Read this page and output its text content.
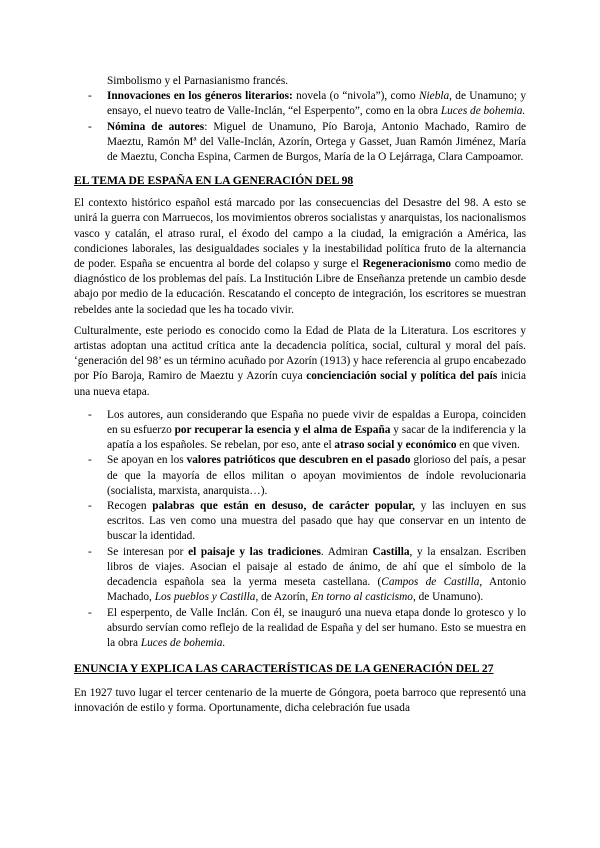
Simbolismo y el Parnasianismo francés.
- Innovaciones en los géneros literarios: novela (o “nivola”), como Niebla, de Unamuno; y ensayo, el nuevo teatro de Valle-Inclán, “el Esperpento”, como en la obra Luces de bohemia.
- Nómina de autores: Miguel de Unamuno, Pío Baroja, Antonio Machado, Ramiro de Maeztu, Ramón Mª del Valle-Inclán, Azorín, Ortega y Gasset, Juan Ramón Jiménez, María de Maeztu, Concha Espina, Carmen de Burgos, María de la O Lejárraga, Clara Campoamor.
EL TEMA DE ESPAÑA EN LA GENERACIÓN DEL 98

El contexto histórico español está marcado por las consecuencias del Desastre del 98. A esto se unirá la guerra con Marruecos, los movimientos obreros socialistas y anarquistas, los nacionalismos vasco y catalán, el atraso rural, el éxodo del campo a la ciudad, la emigración a América, las condiciones laborales, las desigualdades sociales y la inestabilidad política fruto de la alternancia de poder. España se encuentra al borde del colapso y surge el Regeneracionismo como medio de diagnóstico de los problemas del país. La Institución Libre de Enseñanza pretende un cambio desde abajo por medio de la educación. Rescatando el concepto de integración, los escritores se muestran rebeldes ante la sociedad que les ha tocado vivir.

Culturalmente, este periodo es conocido como la Edad de Plata de la Literatura. Los escritores y artistas adoptan una actitud crítica ante la decadencia política, social, cultural y moral del país. ‘generación del 98’ es un término acuñado por Azorín (1913) y hace referencia al grupo encabezado por Pío Baroja, Ramiro de Maeztu y Azorín cuya concienciación social y política del país inicia una nueva etapa.

- Los autores, aun considerando que España no puede vivir de espaldas a Europa, coinciden en su esfuerzo por recuperar la esencia y el alma de España y sacar de la indiferencia y la apatía a los españoles. Se rebelan, por eso, ante el atraso social y económico en que viven.
- Se apoyan en los valores patrióticos que descubren en el pasado glorioso del país, a pesar de que la mayoría de ellos militan o apoyan movimientos de índole revolucionaria (socialista, marxista, anarquista…).
- Recogen palabras que están en desuso, de carácter popular, y las incluyen en sus escritos. Las ven como una muestra del pasado que hay que conservar en un intento de buscar la identidad.
- Se interesan por el paisaje y las tradiciones. Admiran Castilla, y la ensalzan. Escriben libros de viajes. Asocian el paisaje al estado de ánimo, de ahí que el símbolo de la decadencia española sea la yerma meseta castellana. (Campos de Castilla, Antonio Machado, Los pueblos y Castilla, de Azorín, En torno al casticismo, de Unamuno).
- El esperpento, de Valle Inclán. Con él, se inauguró una nueva etapa donde lo grotesco y lo absurdo servían como reflejo de la realidad de España y del ser humano. Esto se muestra en la obra Luces de bohemia.
ENUNCIA Y EXPLICA LAS CARACTERÍSTICAS DE LA GENERACIÓN DEL 27

En 1927 tuvo lugar el tercer centenario de la muerte de Góngora, poeta barroco que representó una innovación de estilo y forma. Oportunamente, dicha celebración fue usada
